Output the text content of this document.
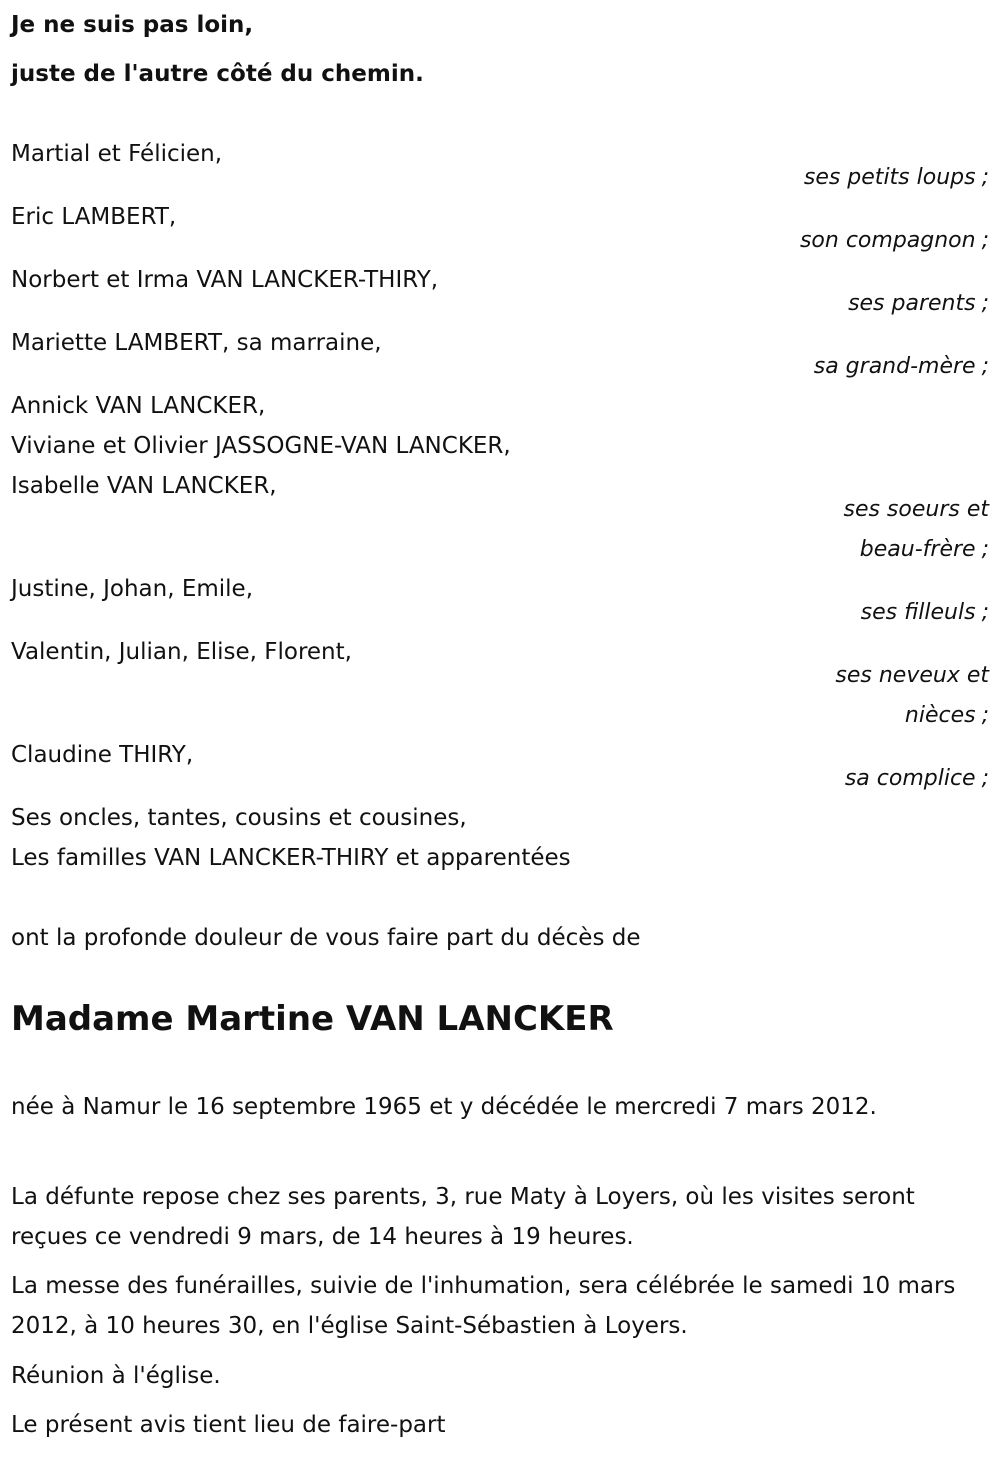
Je ne suis pas loin,

juste de l'autre côté du chemin.

Martial et Félicien,

ses petits loups ;

Eric LAMBERT,

son compagnon ;

Norbert et Irma VAN LANCKER-THIRY,

ses parents ;

Mariette LAMBERT, sa marraine,

sa grand-mère ;

Annick VAN LANCKER,

Viviane et Olivier JASSOGNE-VAN LANCKER,

Isabelle VAN LANCKER,

ses soeurs et

beau-frère ;

Justine, Johan, Emile,

ses filleuls ;

Valentin, Julian, Elise, Florent,

ses neveux et

nièces ;

Claudine THIRY,

sa complice ;

Ses oncles, tantes, cousins et cousines,

Les familles VAN LANCKER-THIRY et apparentées

ont la profonde douleur de vous faire part du décès de

Madame Martine VAN LANCKER

née à Namur le 16 septembre 1965 et y décédée le mercredi 7 mars 2012.

La défunte repose chez ses parents, 3, rue Maty à Loyers, où les visites seront reçues ce vendredi 9 mars, de 14 heures à 19 heures.

La messe des funérailles, suivie de l'inhumation, sera célébrée le samedi 10 mars 2012, à 10 heures 30, en l'église Saint-Sébastien à Loyers.

Réunion à l'église.

Le présent avis tient lieu de faire-part
